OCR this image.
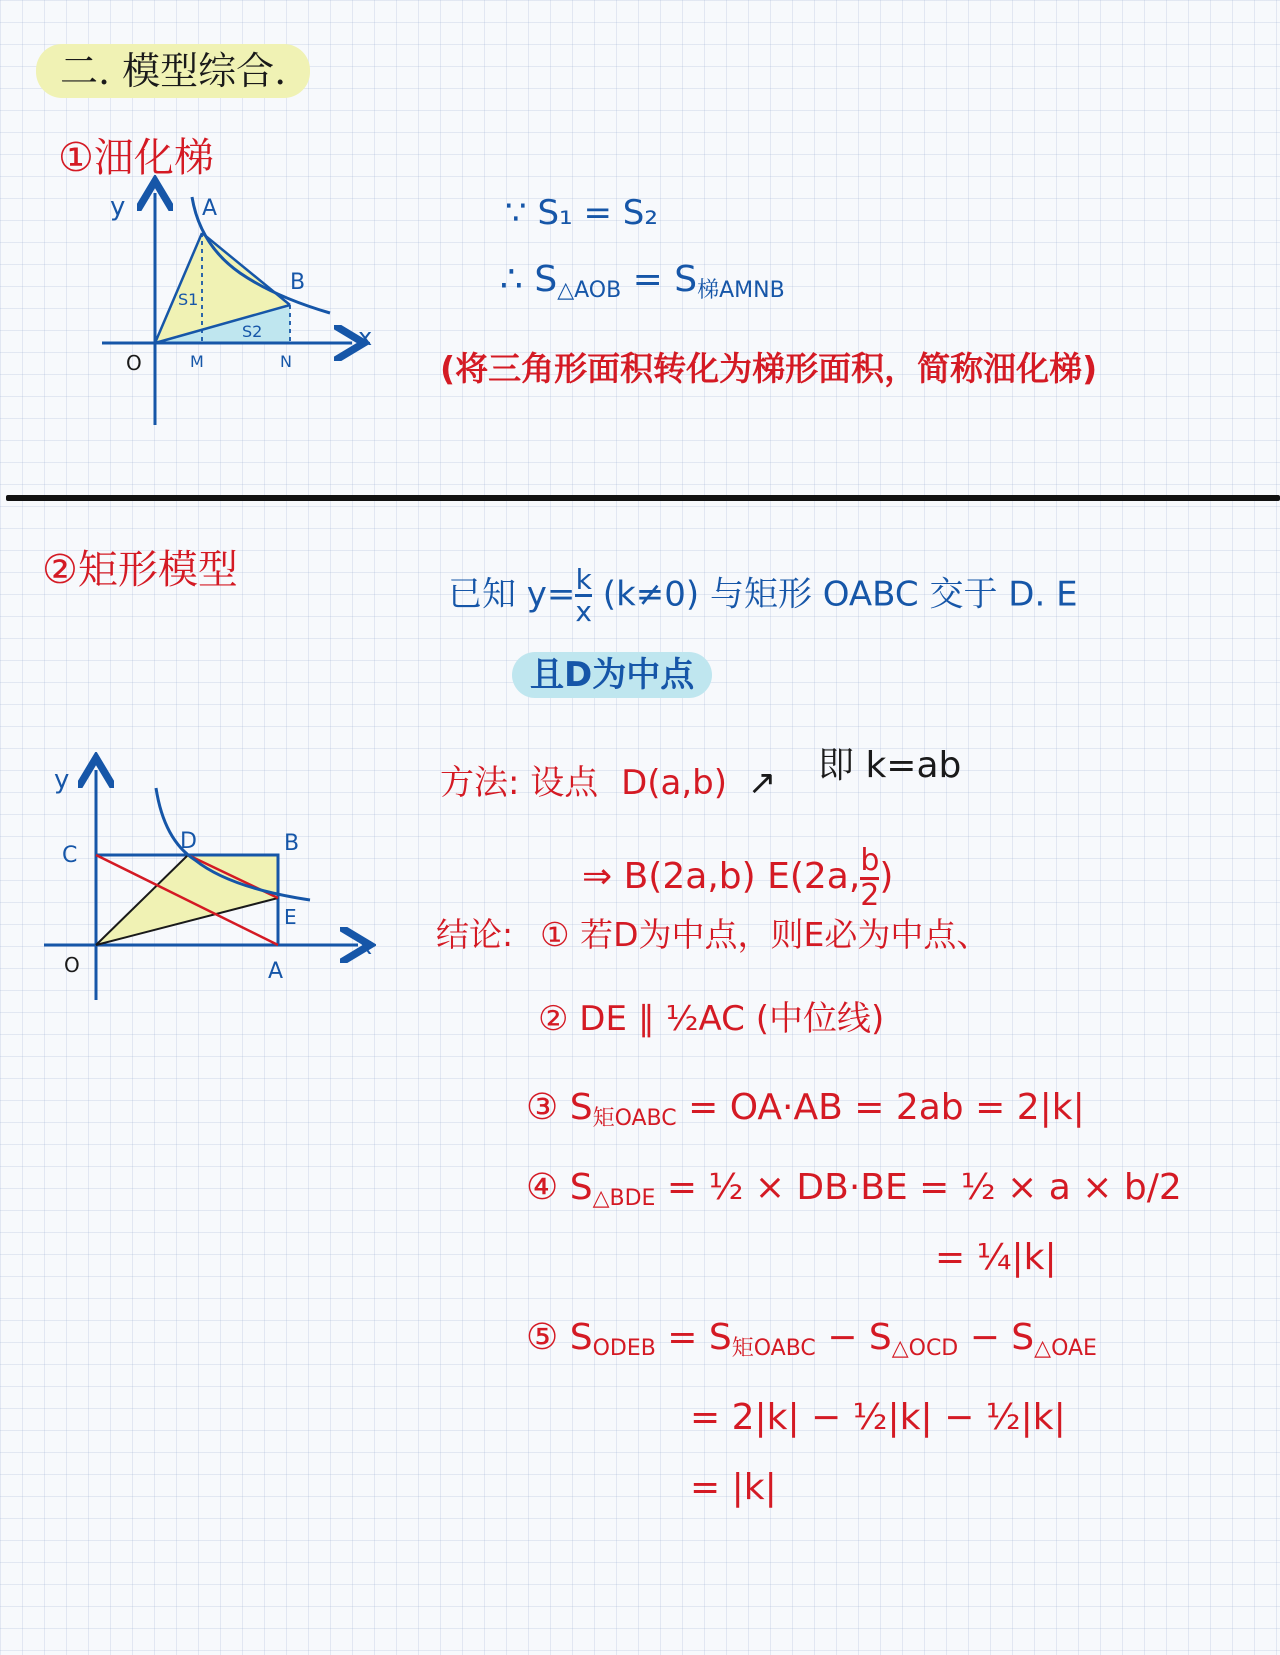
二. 模型综合.
①沺化梯
y
x
O	M	N
A
B
S1
S2
∵ S₁ = S₂
∴ $S_{\triangle AOB} = S_{梯AMNB}$
(将三角形面积转化为梯形面积，简称沺化梯)
②矩形模型
已知 $y=\frac{k}{x} (k\ne 0)$ 与矩形 OABC 交于 D. E
且D为中点
y
x
O	A
B
C
D
E
方法: 设点 D(a,b) ↗ 即 k=ab
⇒ B(2a,b) $E(2a,\frac{b}{2}$ )
结论: ① 若D为中点，则E必为中点、
② DE ∥ ½AC (中位线)
③ $S_{矩OABC} = OA\cdot AB = 2ab = 2|k|$
④ $S_{\triangle BDE}$ = ½ × DB·BE = ½ × a × b/2
= ¼|k|
⑤ $S_{ODEB} = S_{矩OABC} - S_{\triangle OCD} - S_{\triangle OAE}$
= 2|k| − ½|k| − ½|k|
= |k|
